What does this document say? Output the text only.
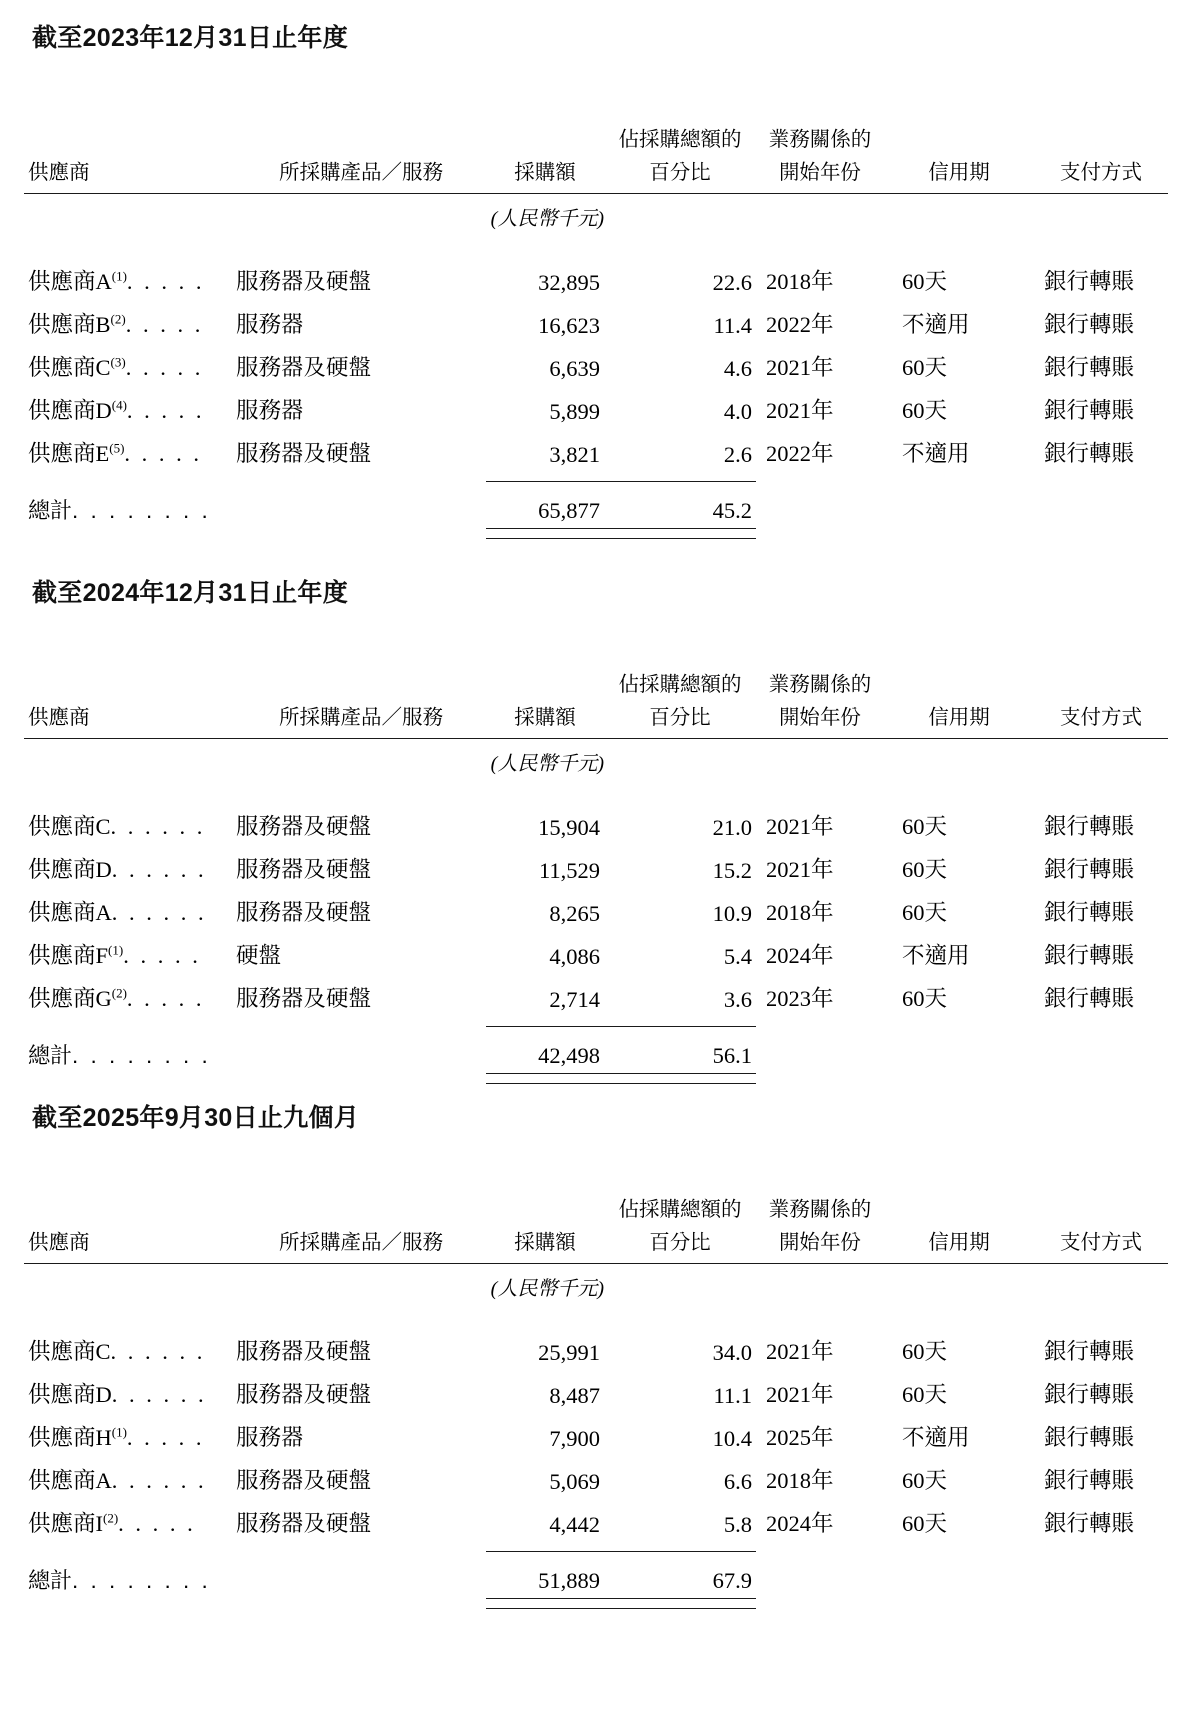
截至2023年12月31日止年度
			佔採購總額的	業務關係的		
供應商	所採購產品／服務	採購額	百分比	開始年份	信用期	支付方式
		(人民幣千元)				

供應商$A^{(1)}$. . . . .	服務器及硬盤	32,895	22.6	2018年	60天	銀行轉賬
供應商$B^{(2)}$. . . . .	服務器	16,623	11.4	2022年	不適用	銀行轉賬
供應商$C^{(3)}$. . . . .	服務器及硬盤	6,639	4.6	2021年	60天	銀行轉賬
供應商$D^{(4)}$. . . . .	服務器	5,899	4.0	2021年	60天	銀行轉賬
供應商$E^{(5)}$. . . . .	服務器及硬盤	3,821	2.6	2022年	不適用	銀行轉賬

總計. . . . . . . .		65,877	45.2			

截至2024年12月31日止年度
			佔採購總額的	業務關係的		
供應商	所採購產品／服務	採購額	百分比	開始年份	信用期	支付方式
		(人民幣千元)				

供應商C. . . . . .	服務器及硬盤	15,904	21.0	2021年	60天	銀行轉賬
供應商D. . . . . .	服務器及硬盤	11,529	15.2	2021年	60天	銀行轉賬
供應商A. . . . . .	服務器及硬盤	8,265	10.9	2018年	60天	銀行轉賬
供應商$F^{(1)}$. . . . .	硬盤	4,086	5.4	2024年	不適用	銀行轉賬
供應商$G^{(2)}$. . . . .	服務器及硬盤	2,714	3.6	2023年	60天	銀行轉賬

總計. . . . . . . .		42,498	56.1			

截至2025年9月30日止九個月
			佔採購總額的	業務關係的		
供應商	所採購產品／服務	採購額	百分比	開始年份	信用期	支付方式
		(人民幣千元)				

供應商C. . . . . .	服務器及硬盤	25,991	34.0	2021年	60天	銀行轉賬
供應商D. . . . . .	服務器及硬盤	8,487	11.1	2021年	60天	銀行轉賬
供應商$H^{(1)}$. . . . .	服務器	7,900	10.4	2025年	不適用	銀行轉賬
供應商A. . . . . .	服務器及硬盤	5,069	6.6	2018年	60天	銀行轉賬
供應商$I^{(2)}$. . . . .	服務器及硬盤	4,442	5.8	2024年	60天	銀行轉賬

總計. . . . . . . .		51,889	67.9			
